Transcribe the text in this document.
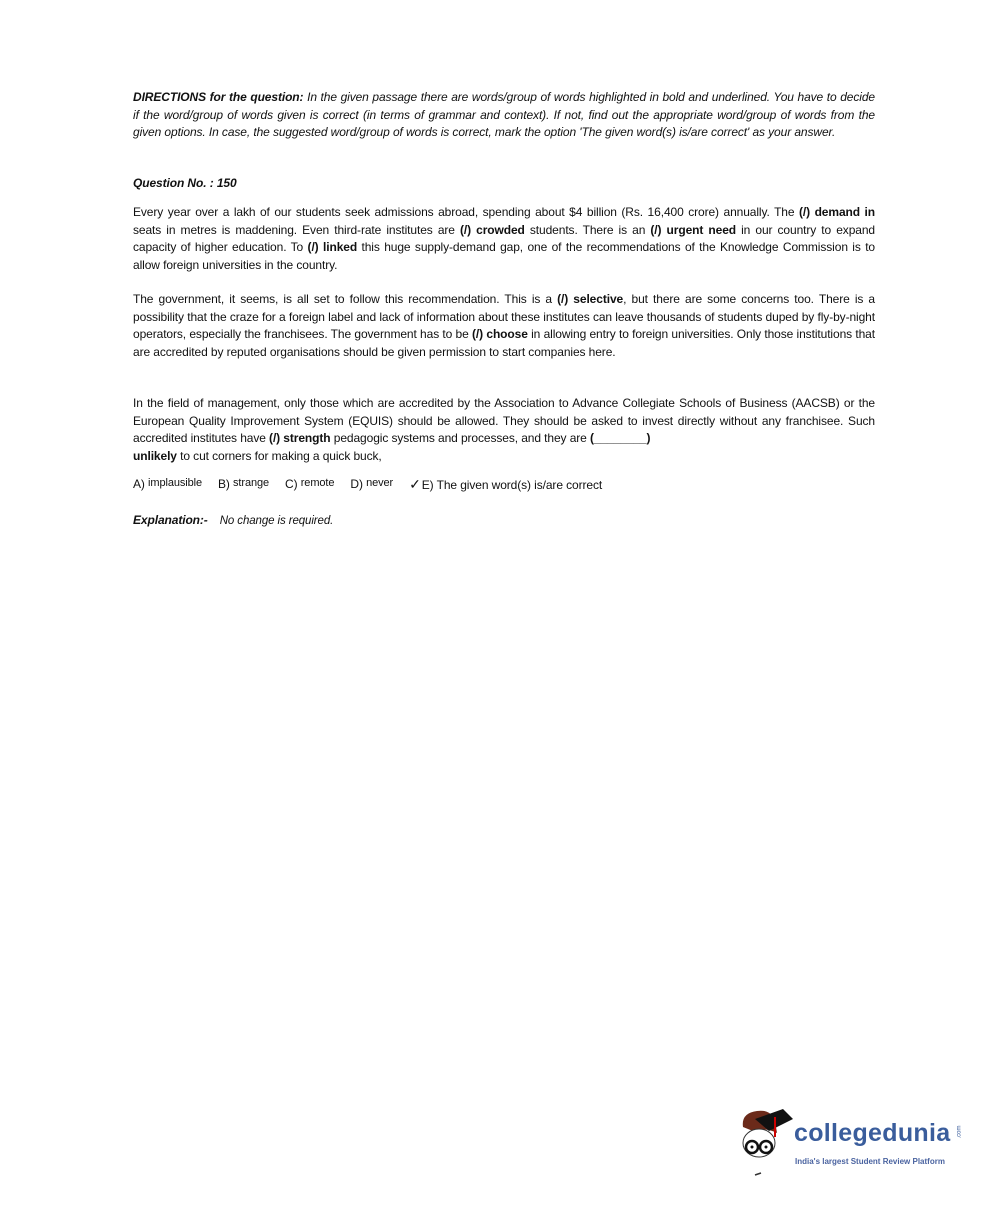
DIRECTIONS for the question: In the given passage there are words/group of words highlighted in bold and underlined. You have to decide if the word/group of words given is correct (in terms of grammar and context). If not, find out the appropriate word/group of words from the given options. In case, the suggested word/group of words is correct, mark the option 'The given word(s) is/are correct' as your answer.
Question No. : 150
Every year over a lakh of our students seek admissions abroad, spending about $4 billion (Rs. 16,400 crore) annually. The (/) demand in seats in metres is maddening. Even third-rate institutes are (/) crowded students. There is an (/) urgent need in our country to expand capacity of higher education. To (/) linked this huge supply-demand gap, one of the recommendations of the Knowledge Commission is to allow foreign universities in the country.
The government, it seems, is all set to follow this recommendation. This is a (/) selective, but there are some concerns too. There is a possibility that the craze for a foreign label and lack of information about these institutes can leave thousands of students duped by fly-by-night operators, especially the franchisees. The government has to be (/) choose in allowing entry to foreign universities. Only those institutions that are accredited by reputed organisations should be given permission to start companies here.
In the field of management, only those which are accredited by the Association to Advance Collegiate Schools of Business (AACSB) or the European Quality Improvement System (EQUIS) should be allowed. They should be asked to invest directly without any franchisee. Such accredited institutes have (/) strength pedagogic systems and processes, and they are (________)
unlikely to cut corners for making a quick buck,
A) implausible B) strange C) remote D) never ✓E) The given word(s) is/are correct
Explanation:- No change is required.
collegedunia .com
India's largest Student Review Platform
